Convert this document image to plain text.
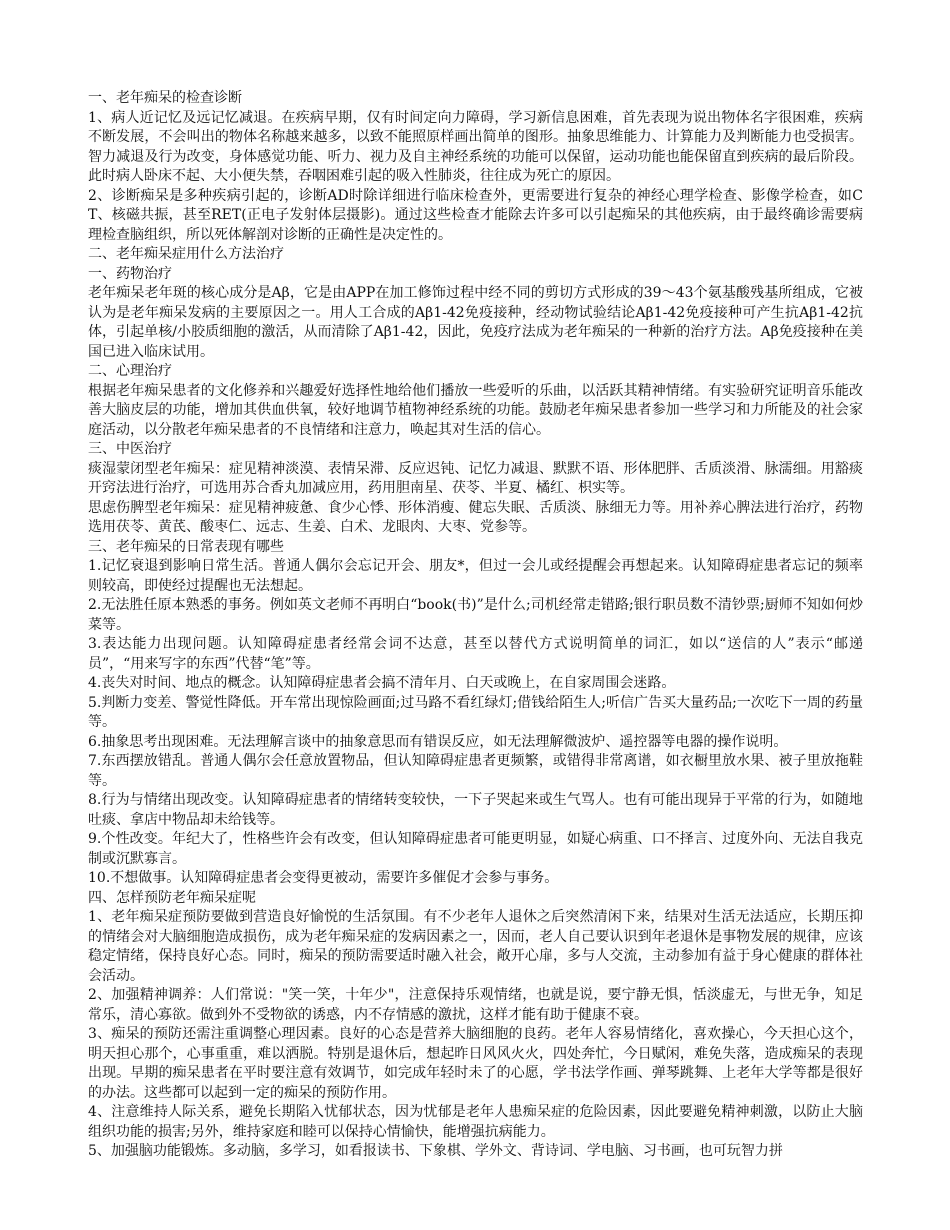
一、老年痴呆的检查诊断
1、病人近记忆及远记忆减退。在疾病早期，仅有时间定向力障碍，学习新信息困难，首先表现为说出物体名字很困难，疾病不断发展，不会叫出的物体名称越来越多，以致不能照原样画出简单的图形。抽象思维能力、计算能力及判断能力也受损害。智力减退及行为改变，身体感觉功能、听力、视力及自主神经系统的功能可以保留，运动功能也能保留直到疾病的最后阶段。此时病人卧床不起、大小便失禁，吞咽困难引起的吸入性肺炎，往往成为死亡的原因。
2、诊断痴呆是多种疾病引起的，诊断AD时除详细进行临床检查外，更需要进行复杂的神经心理学检查、影像学检查，如CT、核磁共振，甚至RET(正电子发射体层摄影)。通过这些检查才能除去许多可以引起痴呆的其他疾病，由于最终确诊需要病理检查脑组织，所以死体解剖对诊断的正确性是决定性的。
二、老年痴呆症用什么方法治疗
一、药物治疗
老年痴呆老年斑的核心成分是Aβ，它是由APP在加工修饰过程中经不同的剪切方式形成的39～43个氨基酸残基所组成，它被认为是老年痴呆发病的主要原因之一。用人工合成的Aβ1-42免疫接种，经动物试验结论Aβ1-42免疫接种可产生抗Aβ1-42抗体，引起单核/小胶质细胞的激活，从而清除了Aβ1-42，因此，免疫疗法成为老年痴呆的一种新的治疗方法。Aβ免疫接种在美国已进入临床试用。
二、心理治疗
根据老年痴呆患者的文化修养和兴趣爱好选择性地给他们播放一些爱听的乐曲，以活跃其精神情绪。有实验研究证明音乐能改善大脑皮层的功能，增加其供血供氧，较好地调节植物神经系统的功能。鼓励老年痴呆患者参加一些学习和力所能及的社会家庭活动，以分散老年痴呆患者的不良情绪和注意力，唤起其对生活的信心。
三、中医治疗
痰湿蒙闭型老年痴呆：症见精神淡漠、表情呆滞、反应迟钝、记忆力减退、默默不语、形体肥胖、舌质淡滑、脉濡细。用豁痰开窍法进行治疗，可选用苏合香丸加减应用，药用胆南星、茯苓、半夏、橘红、枳实等。
思虑伤脾型老年痴呆：症见精神疲惫、食少心悸、形体消瘦、健忘失眠、舌质淡、脉细无力等。用补养心脾法进行治疗，药物选用茯苓、黄芪、酸枣仁、远志、生姜、白术、龙眼肉、大枣、党参等。
三、老年痴呆的日常表现有哪些
1.记忆衰退到影响日常生活。普通人偶尔会忘记开会、朋友*，但过一会儿或经提醒会再想起来。认知障碍症患者忘记的频率则较高，即使经过提醒也无法想起。
2.无法胜任原本熟悉的事务。例如英文老师不再明白“book(书)”是什么;司机经常走错路;银行职员数不清钞票;厨师不知如何炒菜等。
3.表达能力出现问题。认知障碍症患者经常会词不达意，甚至以替代方式说明简单的词汇，如以“送信的人”表示“邮递员”，“用来写字的东西”代替“笔”等。
4.丧失对时间、地点的概念。认知障碍症患者会搞不清年月、白天或晚上，在自家周围会迷路。
5.判断力变差、警觉性降低。开车常出现惊险画面;过马路不看红绿灯;借钱给陌生人;听信广告买大量药品;一次吃下一周的药量等。
6.抽象思考出现困难。无法理解言谈中的抽象意思而有错误反应，如无法理解微波炉、遥控器等电器的操作说明。
7.东西摆放错乱。普通人偶尔会任意放置物品，但认知障碍症患者更频繁，或错得非常离谱，如衣橱里放水果、被子里放拖鞋等。
8.行为与情绪出现改变。认知障碍症患者的情绪转变较快，一下子哭起来或生气骂人。也有可能出现异于平常的行为，如随地吐痰、拿店中物品却未给钱等。
9.个性改变。年纪大了，性格些许会有改变，但认知障碍症患者可能更明显，如疑心病重、口不择言、过度外向、无法自我克制或沉默寡言。
10.不想做事。认知障碍症患者会变得更被动，需要许多催促才会参与事务。
四、怎样预防老年痴呆症呢
1、老年痴呆症预防要做到营造良好愉悦的生活氛围。有不少老年人退休之后突然清闲下来，结果对生活无法适应，长期压抑的情绪会对大脑细胞造成损伤，成为老年痴呆症的发病因素之一，因而，老人自己要认识到年老退休是事物发展的规律，应该稳定情绪，保持良好心态。同时，痴呆的预防需要适时融入社会，敞开心扉，多与人交流，主动参加有益于身心健康的群体社会活动。
2、加强精神调养：人们常说："笑一笑，十年少"，注意保持乐观情绪，也就是说，要宁静无惧，恬淡虚无，与世无争，知足常乐，清心寡欲。做到外不受物欲的诱惑，内不存情感的激扰，这样才能有助于健康不衰。
3、痴呆的预防还需注重调整心理因素。良好的心态是营养大脑细胞的良药。老年人容易情绪化，喜欢操心，今天担心这个，明天担心那个，心事重重，难以洒脱。特别是退休后，想起昨日风风火火，四处奔忙，今日赋闲，难免失落，造成痴呆的表现出现。早期的痴呆患者在平时要注意有效调节，如完成年轻时未了的心愿，学书法学作画、弹琴跳舞、上老年大学等都是很好的办法。这些都可以起到一定的痴呆的预防作用。
4、注意维持人际关系，避免长期陷入忧郁状态，因为忧郁是老年人患痴呆症的危险因素，因此要避免精神刺激，以防止大脑组织功能的损害;另外，维持家庭和睦可以保持心情愉快，能增强抗病能力。
5、加强脑功能锻炼。多动脑，多学习，如看报读书、下象棋、学外文、背诗词、学电脑、习书画，也可玩智力拼
